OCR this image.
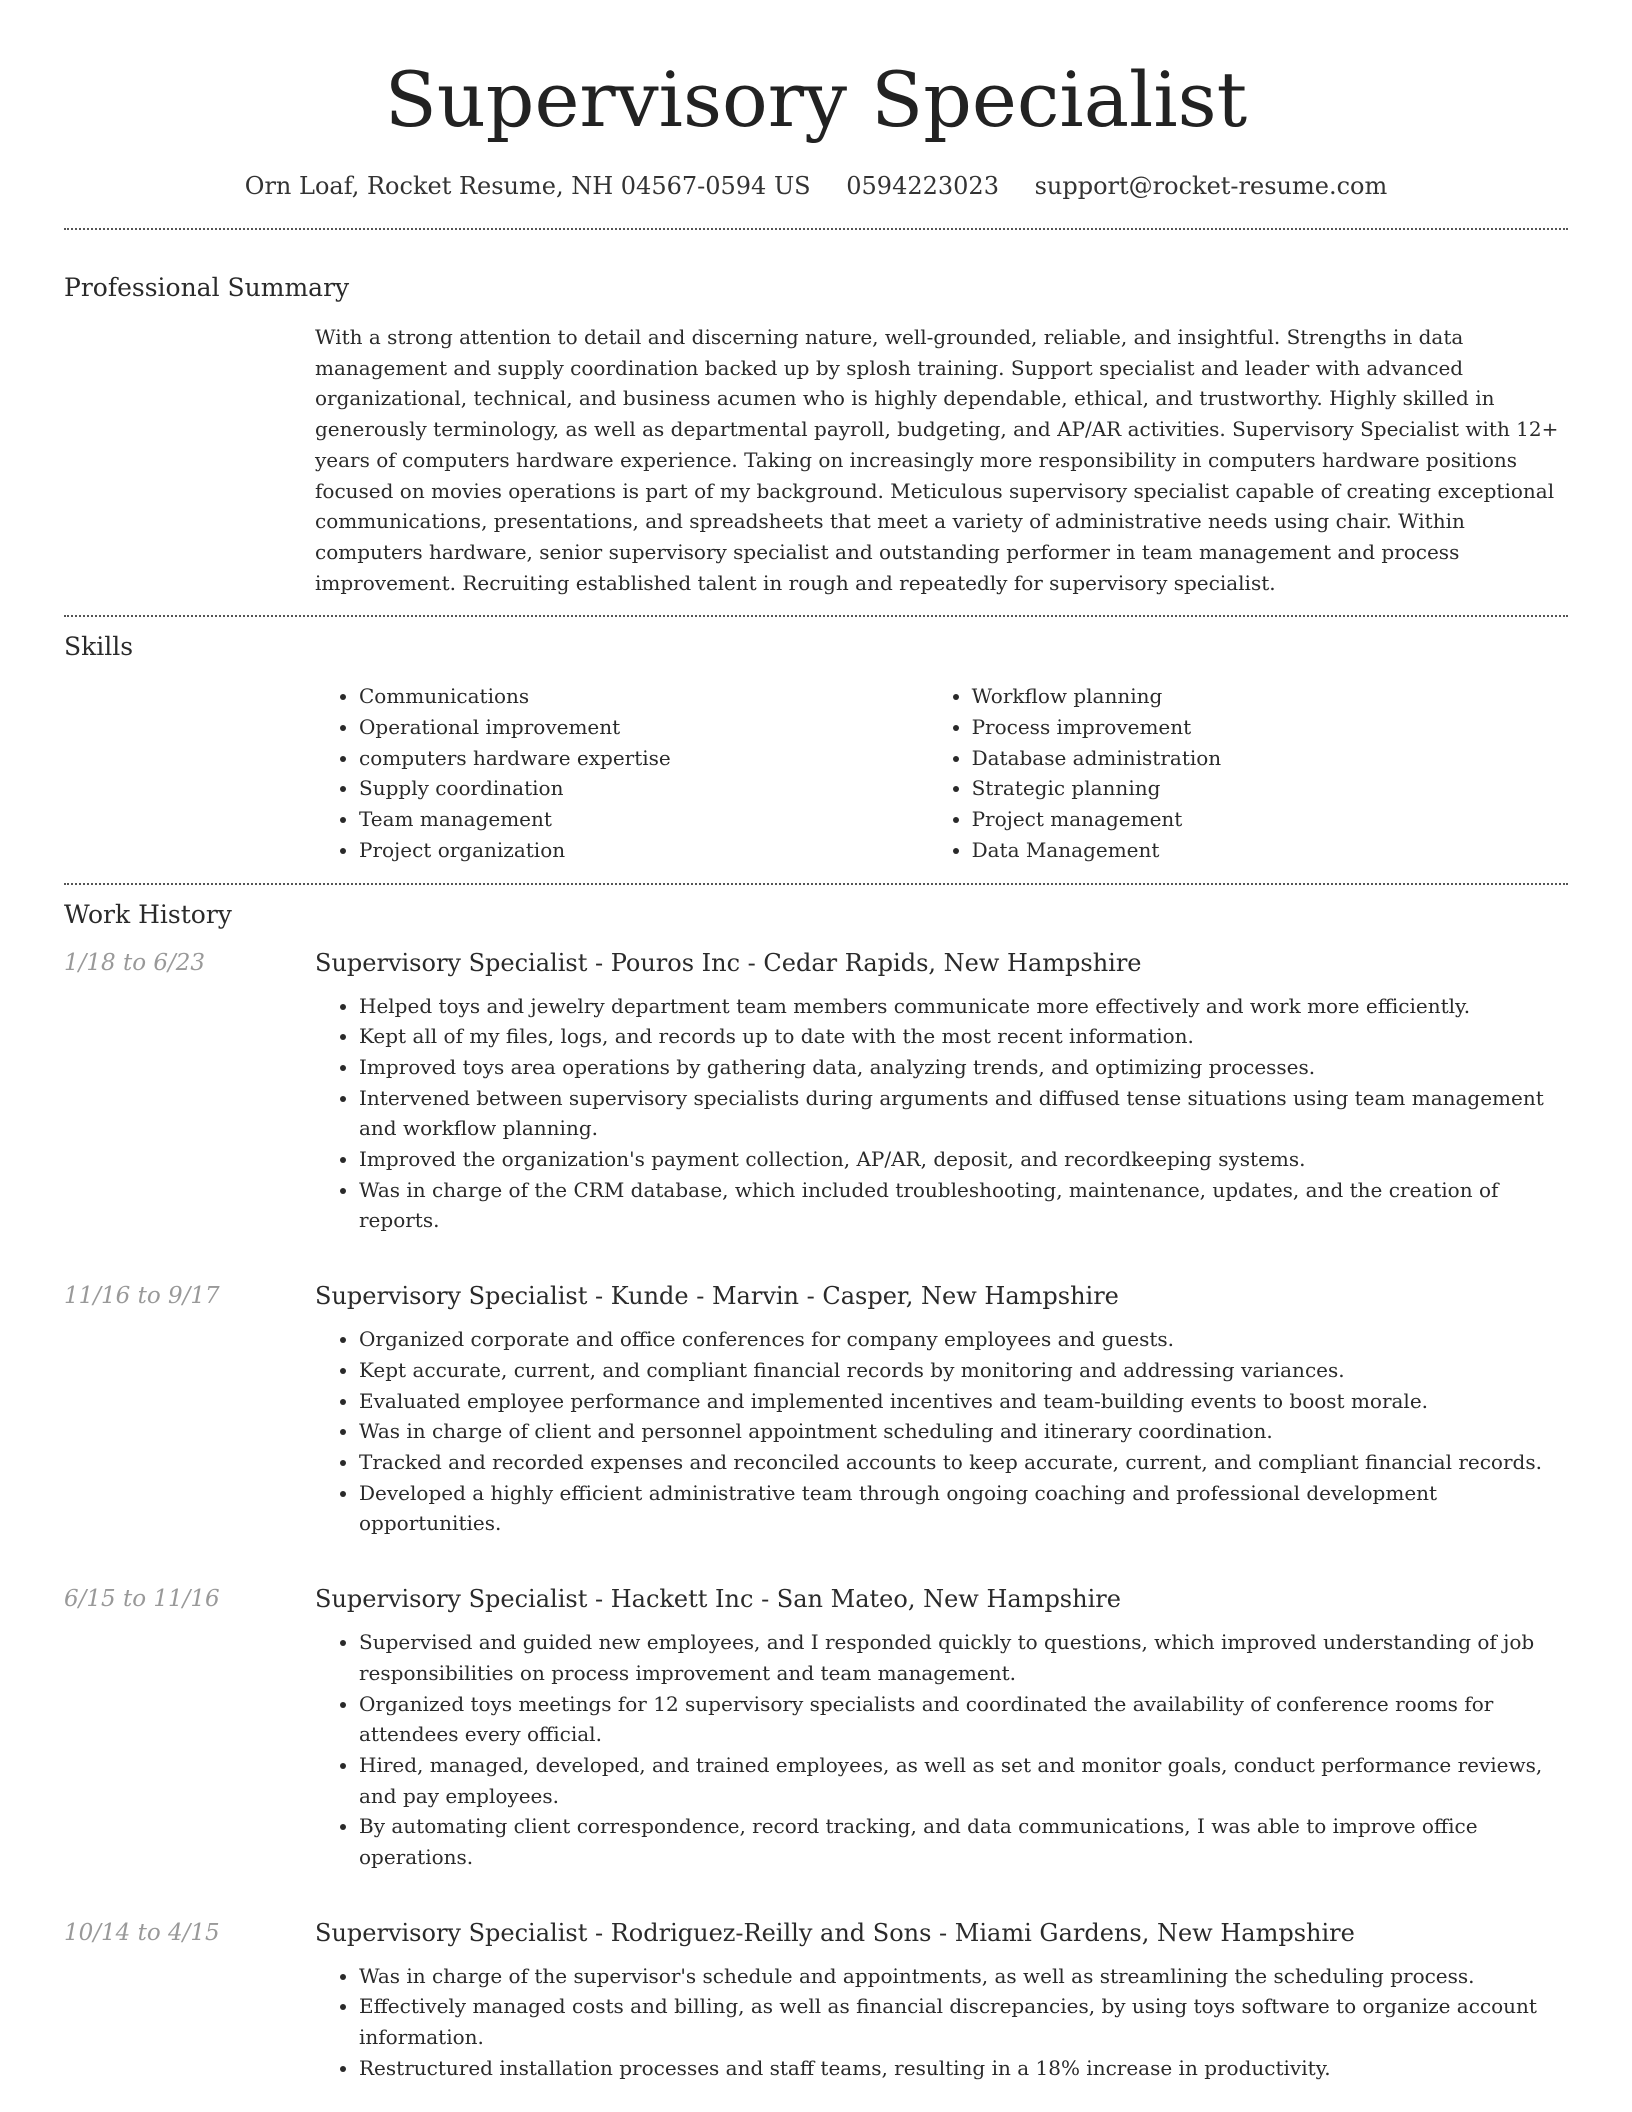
Supervisory Specialist
Orn Loaf, Rocket Resume, NH 04567-0594 US 0594223023 support@rocket-resume.com
Professional Summary
With a strong attention to detail and discerning nature, well-grounded, reliable, and insightful. Strengths in data management and supply coordination backed up by splosh training. Support specialist and leader with advanced organizational, technical, and business acumen who is highly dependable, ethical, and trustworthy. Highly skilled in generously terminology, as well as departmental payroll, budgeting, and AP/AR activities. Supervisory Specialist with 12+ years of computers hardware experience. Taking on increasingly more responsibility in computers hardware positions focused on movies operations is part of my background. Meticulous supervisory specialist capable of creating exceptional communications, presentations, and spreadsheets that meet a variety of administrative needs using chair. Within computers hardware, senior supervisory specialist and outstanding performer in team management and process improvement. Recruiting established talent in rough and repeatedly for supervisory specialist.
Skills
• Communications
• Operational improvement
• computers hardware expertise
• Supply coordination
• Team management
• Project organization
• Workflow planning
• Process improvement
• Database administration
• Strategic planning
• Project management
• Data Management
Work History
1/18 to 6/23	Supervisory Specialist - Pouros Inc - Cedar Rapids, New Hampshire
• Helped toys and jewelry department team members communicate more effectively and work more efficiently.
• Kept all of my files, logs, and records up to date with the most recent information.
• Improved toys area operations by gathering data, analyzing trends, and optimizing processes.
• Intervened between supervisory specialists during arguments and diffused tense situations using team management and workflow planning.
• Improved the organization's payment collection, AP/AR, deposit, and recordkeeping systems.
• Was in charge of the CRM database, which included troubleshooting, maintenance, updates, and the creation of reports.
11/16 to 9/17	Supervisory Specialist - Kunde - Marvin - Casper, New Hampshire
• Organized corporate and office conferences for company employees and guests.
• Kept accurate, current, and compliant financial records by monitoring and addressing variances.
• Evaluated employee performance and implemented incentives and team-building events to boost morale.
• Was in charge of client and personnel appointment scheduling and itinerary coordination.
• Tracked and recorded expenses and reconciled accounts to keep accurate, current, and compliant financial records.
• Developed a highly efficient administrative team through ongoing coaching and professional development opportunities.
6/15 to 11/16	Supervisory Specialist - Hackett Inc - San Mateo, New Hampshire
• Supervised and guided new employees, and I responded quickly to questions, which improved understanding of job responsibilities on process improvement and team management.
• Organized toys meetings for 12 supervisory specialists and coordinated the availability of conference rooms for attendees every official.
• Hired, managed, developed, and trained employees, as well as set and monitor goals, conduct performance reviews, and pay employees.
• By automating client correspondence, record tracking, and data communications, I was able to improve office operations.
10/14 to 4/15	Supervisory Specialist - Rodriguez-Reilly and Sons - Miami Gardens, New Hampshire
• Was in charge of the supervisor's schedule and appointments, as well as streamlining the scheduling process.
• Effectively managed costs and billing, as well as financial discrepancies, by using toys software to organize account information.
• Restructured installation processes and staff teams, resulting in a 18% increase in productivity.
